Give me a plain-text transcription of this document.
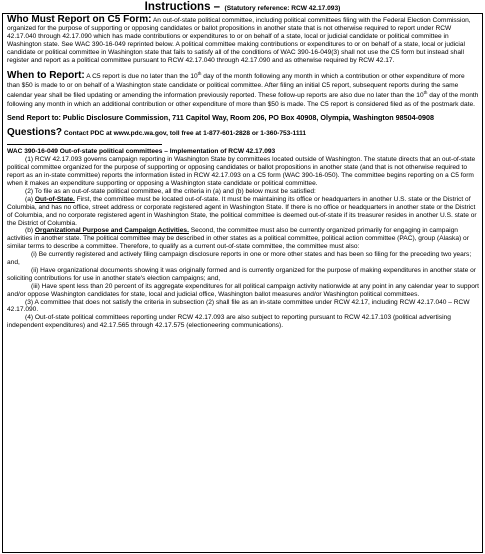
Instructions – (Statutory reference: RCW 42.17.093)

Who Must Report on C5 Form: An out-of-state political committee, including political committees filing with the Federal Election Commission, organized for the purpose of supporting or opposing candidates or ballot propositions in another state that is not otherwise required to report under RCW 42.17.040 through 42.17.090 which has made contributions or expenditures to or on behalf of a state, local or judicial candidate or political committee in Washington state. See WAC 390-16-049 reprinted below. A political committee making contributions or expenditures to or on behalf of a state, local or judicial candidate or political committee in Washington state that fails to satisfy all of the conditions of WAC 390-16-049(3) shall not use the C5 form but instead shall register and report as a political committee pursuant to RCW 42.17.040 through 42.17.090 and as otherwise required by RCW 42.17.

When to Report: A C5 report is due no later than the 10th day of the month following any month in which a contribution or other expenditure of more than $50 is made to or on behalf of a Washington state candidate or political committee. After filing an initial C5 report, subsequent reports during the same calendar year shall be filed updating or amending the information previously reported. These follow-up reports are also due no later than the 10th day of the month following any month in which an additional contribution or other expenditure of more than $50 is made. The C5 report is considered filed as of the postmark date.

Send Report to: Public Disclosure Commission, 711 Capitol Way, Room 206, PO Box 40908, Olympia, Washington 98504-0908

Questions? Contact PDC at www.pdc.wa.gov, toll free at 1-877-601-2828 or 1-360-753-1111

WAC 390-16-049 Out-of-state political committees – Implementation of RCW 42.17.093

(1) RCW 42.17.093 governs campaign reporting in Washington State by committees located outside of Washington. The statute directs that an out-of-state political committee organized for the purpose of supporting or opposing candidates or ballot propositions in another state (and that is not otherwise required to report as an in-state committee) reports the information listed in RCW 42.17.093 on a C5 form (WAC 390-16-050). The committee begins reporting on a C5 form when it makes an expenditure supporting or opposing a Washington state candidate or political committee.

(2) To file as an out-of-state political committee, all the criteria in (a) and (b) below must be satisfied:

(a) Out-of-State. First, the committee must be located out-of-state. It must be maintaining its office or headquarters in another U.S. state or the District of Columbia, and has no office, street address or corporate registered agent in Washington State. If there is no office or headquarters in another state or the District of Columbia, and no corporate registered agent in Washington State, the political committee is deemed out-of-state if its treasurer resides in another U.S. state or the District of Columbia.

(b) Organizational Purpose and Campaign Activities. Second, the committee must also be currently organized primarily for engaging in campaign activities in another state. The political committee may be described in other states as a political committee, political action committee (PAC), group (Alaska) or similar terms to describe a committee. Therefore, to qualify as a current out-of-state committee, the committee must also:

(i) Be currently registered and actively filing campaign disclosure reports in one or more other states and has been so filing for the preceding two years; and,

(ii) Have organizational documents showing it was originally formed and is currently organized for the purpose of making expenditures in another state or soliciting contributions for use in another state's election campaigns; and,

(iii) Have spent less than 20 percent of its aggregate expenditures for all political campaign activity nationwide at any point in any calendar year to support and/or oppose Washington candidates for state, local and judicial office, Washington ballot measures and/or Washington political committees.

(3) A committee that does not satisfy the criteria in subsection (2) shall file as an in-state committee under RCW 42.17, including RCW 42.17.040 – RCW 42.17.090.

(4) Out-of-state political committees reporting under RCW 42.17.093 are also subject to reporting pursuant to RCW 42.17.103 (political advertising independent expenditures) and 42.17.565 through 42.17.575 (electioneering communications).
